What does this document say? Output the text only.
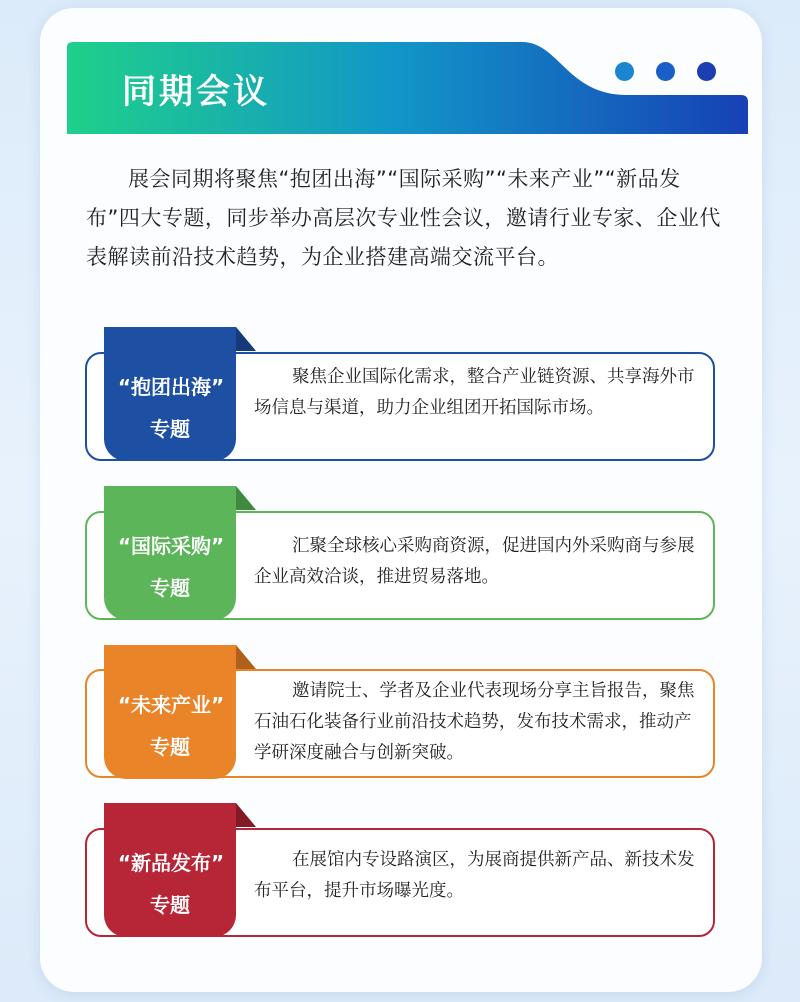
同期会议

展会同期将聚焦“抱团出海”“国际采购”“未来产业”“新品发布”四大专题，同步举办高层次专业性会议，邀请行业专家、企业代表解读前沿技术趋势，为企业搭建高端交流平台。

“抱团出海”
专题

聚焦企业国际化需求，整合产业链资源、共享海外市场信息与渠道，助力企业组团开拓国际市场。

“国际采购”
专题

汇聚全球核心采购商资源，促进国内外采购商与参展企业高效洽谈，推进贸易落地。

“未来产业”
专题

邀请院士、学者及企业代表现场分享主旨报告，聚焦石油石化装备行业前沿技术趋势，发布技术需求，推动产学研深度融合与创新突破。

“新品发布”
专题

在展馆内专设路演区，为展商提供新产品、新技术发布平台，提升市场曝光度。
